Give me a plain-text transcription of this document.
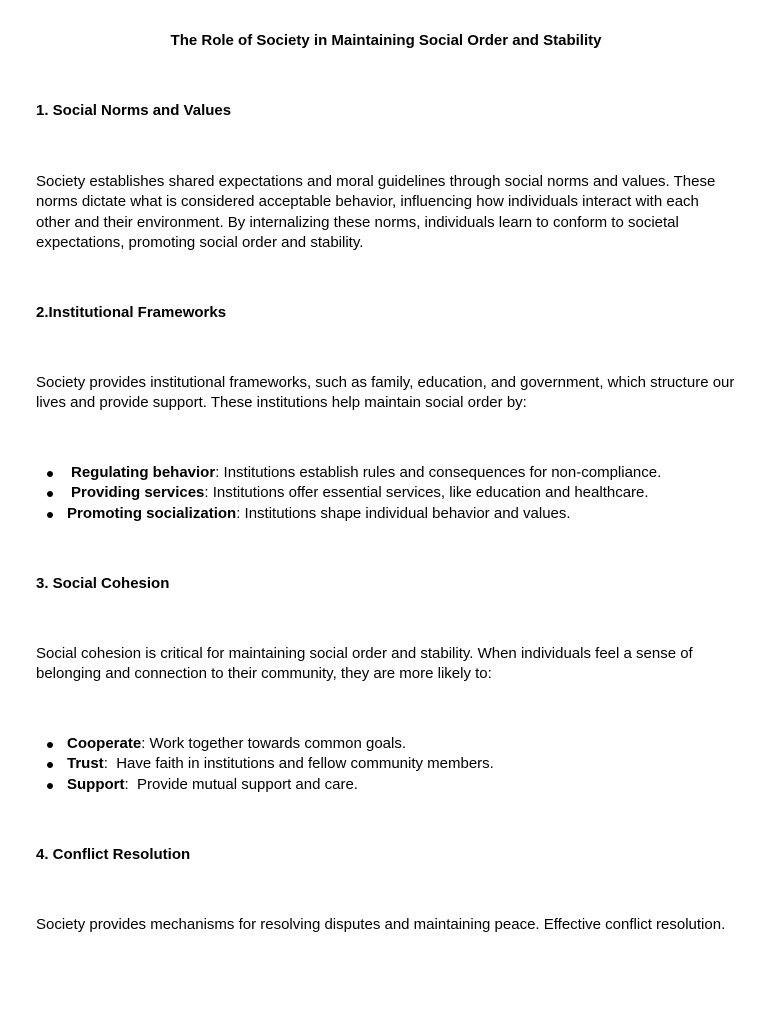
The Role of Society in Maintaining Social Order and Stability
1. Social Norms and Values
Society establishes shared expectations and moral guidelines through social norms and values. These norms dictate what is considered acceptable behavior, influencing how individuals interact with each other and their environment. By internalizing these norms, individuals learn to conform to societal expectations, promoting social order and stability.
2.Institutional Frameworks
Society provides institutional frameworks, such as family, education, and government, which structure our lives and provide support. These institutions help maintain social order by:
Regulating behavior: Institutions establish rules and consequences for non-compliance.
Providing services: Institutions offer essential services, like education and healthcare.
Promoting socialization: Institutions shape individual behavior and values.
3. Social Cohesion
Social cohesion is critical for maintaining social order and stability. When individuals feel a sense of belonging and connection to their community, they are more likely to:
Cooperate: Work together towards common goals.
Trust:  Have faith in institutions and fellow community members.
Support:  Provide mutual support and care.
4. Conflict Resolution
Society provides mechanisms for resolving disputes and maintaining peace. Effective conflict resolution.
